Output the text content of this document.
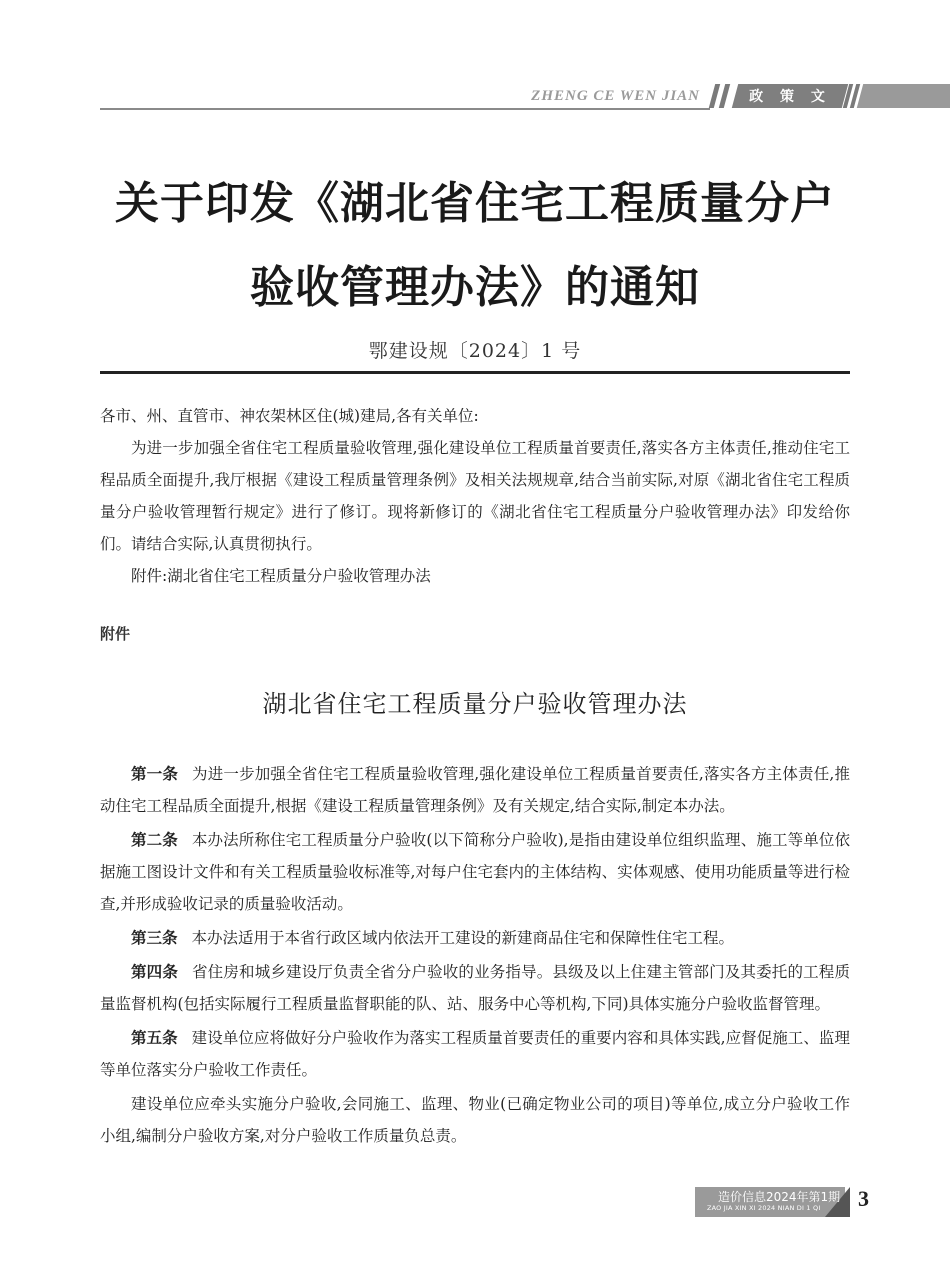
ZHENG CE WEN JIAN	政 策 文 件
关于印发《湖北省住宅工程质量分户
验收管理办法》的通知
鄂建设规〔2024〕1 号

各市、州、直管市、神农架林区住(城)建局,各有关单位:

为进一步加强全省住宅工程质量验收管理,强化建设单位工程质量首要责任,落实各方主体责任,推动住宅工程品质全面提升,我厅根据《建设工程质量管理条例》及相关法规规章,结合当前实际,对原《湖北省住宅工程质量分户验收管理暂行规定》进行了修订。现将新修订的《湖北省住宅工程质量分户验收管理办法》印发给你们。请结合实际,认真贯彻执行。

附件:湖北省住宅工程质量分户验收管理办法

附件
湖北省住宅工程质量分户验收管理办法

第一条 为进一步加强全省住宅工程质量验收管理,强化建设单位工程质量首要责任,落实各方主体责任,推动住宅工程品质全面提升,根据《建设工程质量管理条例》及有关规定,结合实际,制定本办法。

第二条 本办法所称住宅工程质量分户验收(以下简称分户验收),是指由建设单位组织监理、施工等单位依据施工图设计文件和有关工程质量验收标准等,对每户住宅套内的主体结构、实体观感、使用功能质量等进行检查,并形成验收记录的质量验收活动。

第三条 本办法适用于本省行政区域内依法开工建设的新建商品住宅和保障性住宅工程。

第四条 省住房和城乡建设厅负责全省分户验收的业务指导。县级及以上住建主管部门及其委托的工程质量监督机构(包括实际履行工程质量监督职能的队、站、服务中心等机构,下同)具体实施分户验收监督管理。

第五条 建设单位应将做好分户验收作为落实工程质量首要责任的重要内容和具体实践,应督促施工、监理等单位落实分户验收工作责任。

建设单位应牵头实施分户验收,会同施工、监理、物业(已确定物业公司的项目)等单位,成立分户验收工作小组,编制分户验收方案,对分户验收工作质量负总责。

造价信息2024年第1期
ZAO JIA XIN XI 2024 NIAN DI 1 QI 3
